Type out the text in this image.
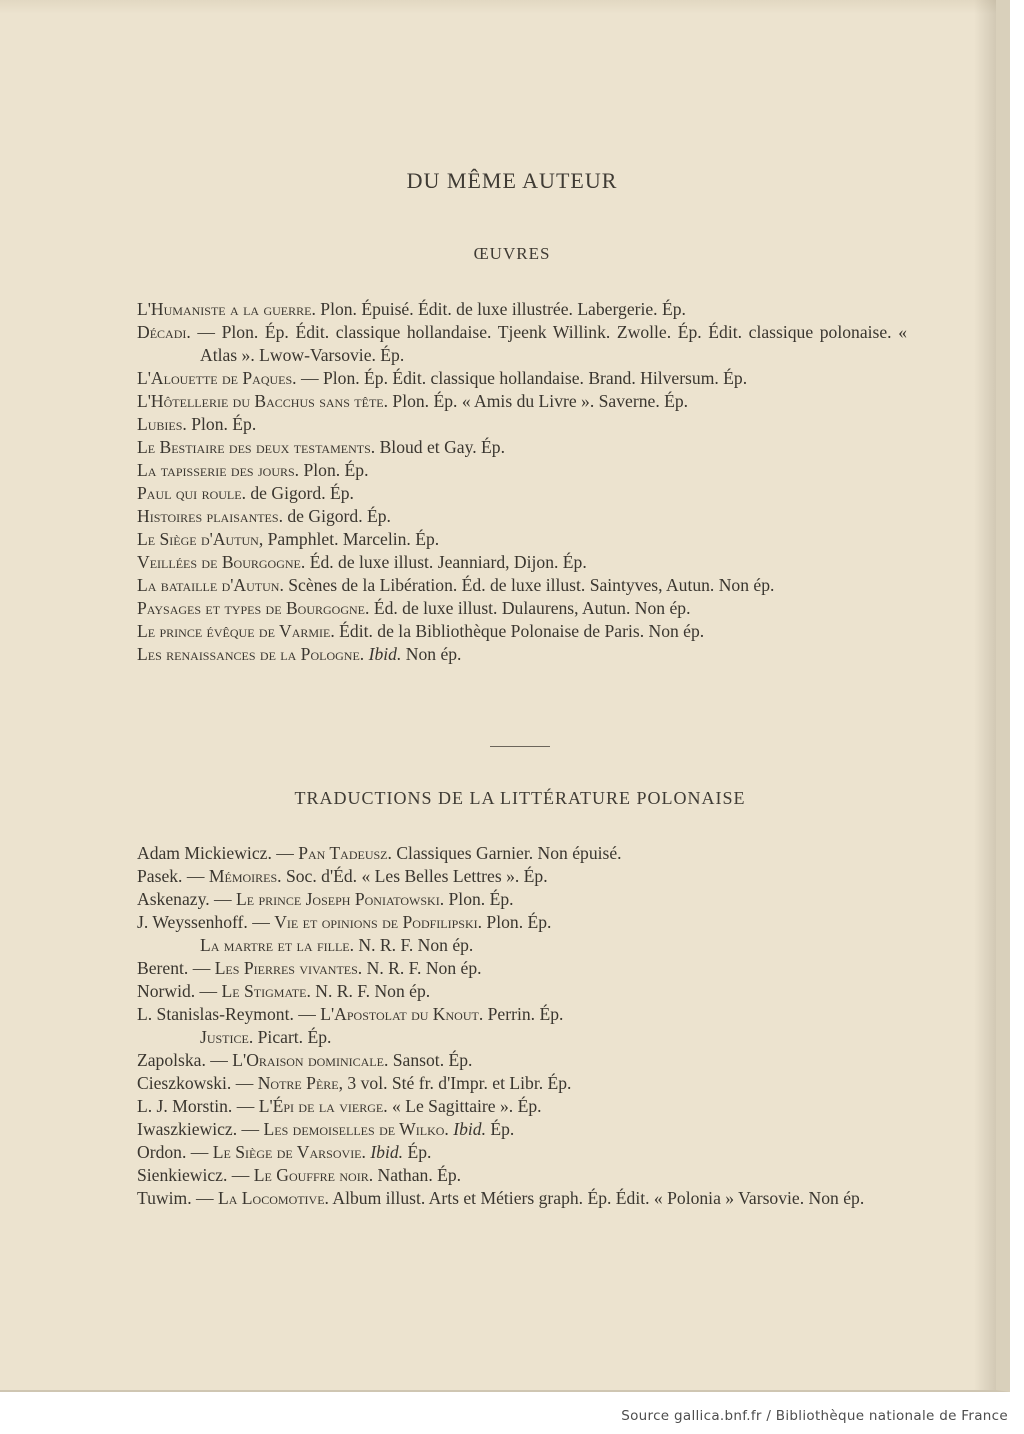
DU MÊME AUTEUR
ŒUVRES

L'Humaniste a la guerre. Plon. Épuisé. Édit. de luxe illustrée. Labergerie. Ép.

Décadi. — Plon. Ép. Édit. classique hollandaise. Tjeenk Willink. Zwolle. Ép. Édit. classique polonaise. « Atlas ». Lwow-Varsovie. Ép.

L'Alouette de Paques. — Plon. Ép. Édit. classique hollandaise. Brand. Hilversum. Ép.

L'Hôtellerie du Bacchus sans tête. Plon. Ép. « Amis du Livre ». Saverne. Ép.

Lubies. Plon. Ép.

Le Bestiaire des deux testaments. Bloud et Gay. Ép.

La tapisserie des jours. Plon. Ép.

Paul qui roule. de Gigord. Ép.

Histoires plaisantes. de Gigord. Ép.

Le Siège d'Autun, Pamphlet. Marcelin. Ép.

Veillées de Bourgogne. Éd. de luxe illust. Jeanniard, Dijon. Ép.

La bataille d'Autun. Scènes de la Libération. Éd. de luxe illust. Saintyves, Autun. Non ép.

Paysages et types de Bourgogne. Éd. de luxe illust. Dulaurens, Autun. Non ép.

Le prince évêque de Varmie. Édit. de la Bibliothèque Polonaise de Paris. Non ép.

Les renaissances de la Pologne. Ibid. Non ép.

TRADUCTIONS DE LA LITTÉRATURE POLONAISE

Adam Mickiewicz. — Pan Tadeusz. Classiques Garnier. Non épuisé.

Pasek. — Mémoires. Soc. d'Éd. « Les Belles Lettres ». Ép.

Askenazy. — Le prince Joseph Poniatowski. Plon. Ép.

J. Weyssenhoff. — Vie et opinions de Podfilipski. Plon. Ép.
La martre et la fille. N. R. F. Non ép.

Berent. — Les Pierres vivantes. N. R. F. Non ép.

Norwid. — Le Stigmate. N. R. F. Non ép.

L. Stanislas-Reymont. — L'Apostolat du Knout. Perrin. Ép.
Justice. Picart. Ép.

Zapolska. — L'Oraison dominicale. Sansot. Ép.

Cieszkowski. — Notre Père, 3 vol. Sté fr. d'Impr. et Libr. Ép.

L. J. Morstin. — L'Épi de la vierge. « Le Sagittaire ». Ép.

Iwaszkiewicz. — Les demoiselles de Wilko. Ibid. Ép.

Ordon. — Le Siège de Varsovie. Ibid. Ép.

Sienkiewicz. — Le Gouffre noir. Nathan. Ép.

Tuwim. — La Locomotive. Album illust. Arts et Métiers graph. Ép. Édit. « Polonia » Varsovie. Non ép.

Source gallica.bnf.fr / Bibliothèque nationale de France
